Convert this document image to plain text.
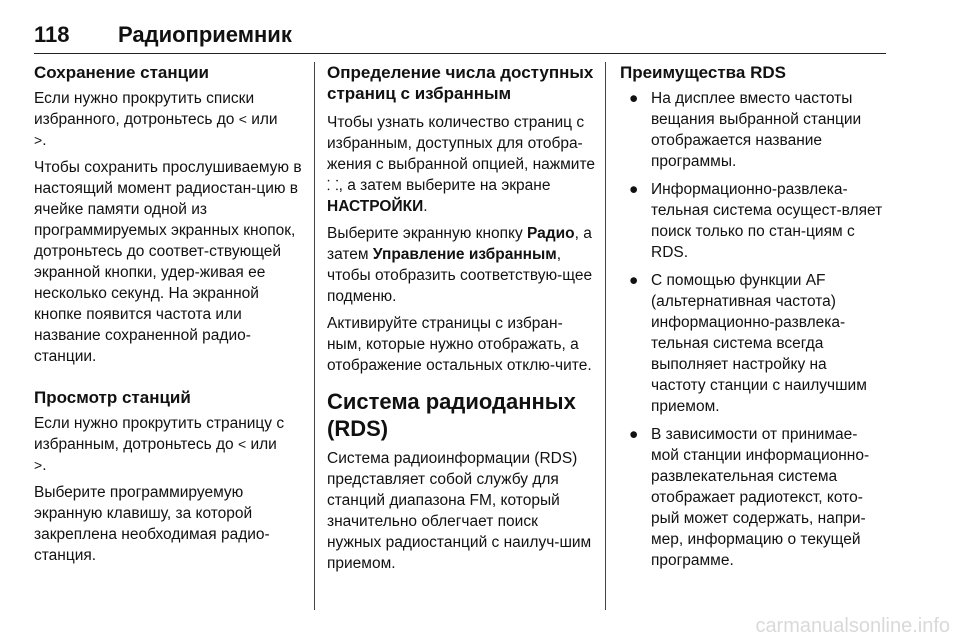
118 Радиоприемник
Сохранение станции

Если нужно прокрутить списки избранного, дотроньтесь до < или
>.

Чтобы сохранить прослушиваемую в настоящий момент радиостан-цию в ячейке памяти одной из программируемых экранных кнопок, дотроньтесь до соответ-ствующей экранной кнопки, удер-живая ее несколько секунд. На экранной кнопке появится частота или название сохраненной радио-станции.

Просмотр станций

Если нужно прокрутить страницу с избранным, дотроньтесь до < или
>.

Выберите программируемую экранную клавишу, за которой закреплена необходимая радио-станция.

Определение числа доступных страниц с избранным

Чтобы узнать количество страниц с избранным, доступных для отобра-жения с выбранной опцией, нажмите ⸬, а затем выберите на экране НАСТРОЙКИ.

Выберите экранную кнопку Радио, а затем Управление избранным, чтобы отобразить соответствую-щее подменю.

Активируйте страницы с избран-ным, которые нужно отображать, а отображение остальных отклю-чите.

Система радиоданных (RDS)

Система радиоинформации (RDS) представляет собой службу для станций диапазона FM, который значительно облегчает поиск нужных радиостанций с наилуч-шим приемом.

Преимущества RDS
● На дисплее вместо частоты вещания выбранной станции отображается название программы.
● Информационно-развлека-тельная система осущест-вляет поиск только по стан-циям с RDS.
● С помощью функции AF (альтернативная частота) информационно-развлека-тельная система всегда выполняет настройку на частоту станции с наилучшим приемом.
● В зависимости от принимае-мой станции информационно-развлекательная система отображает радиотекст, кото-рый может содержать, напри-мер, информацию о текущей программе.
carmanualsonline.info
